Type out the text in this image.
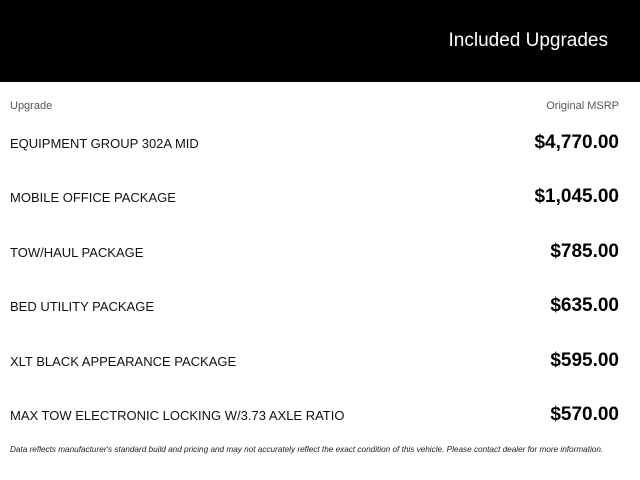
Included Upgrades
Upgrade	Original MSRP
EQUIPMENT GROUP 302A MID	$4,770.00
MOBILE OFFICE PACKAGE	$1,045.00
TOW/HAUL PACKAGE	$785.00
BED UTILITY PACKAGE	$635.00
XLT BLACK APPEARANCE PACKAGE	$595.00
MAX TOW ELECTRONIC LOCKING W/3.73 AXLE RATIO	$570.00
Data reflects manufacturer's standard build and pricing and may not accurately reflect the exact condition of this vehicle. Please contact dealer for more information.
